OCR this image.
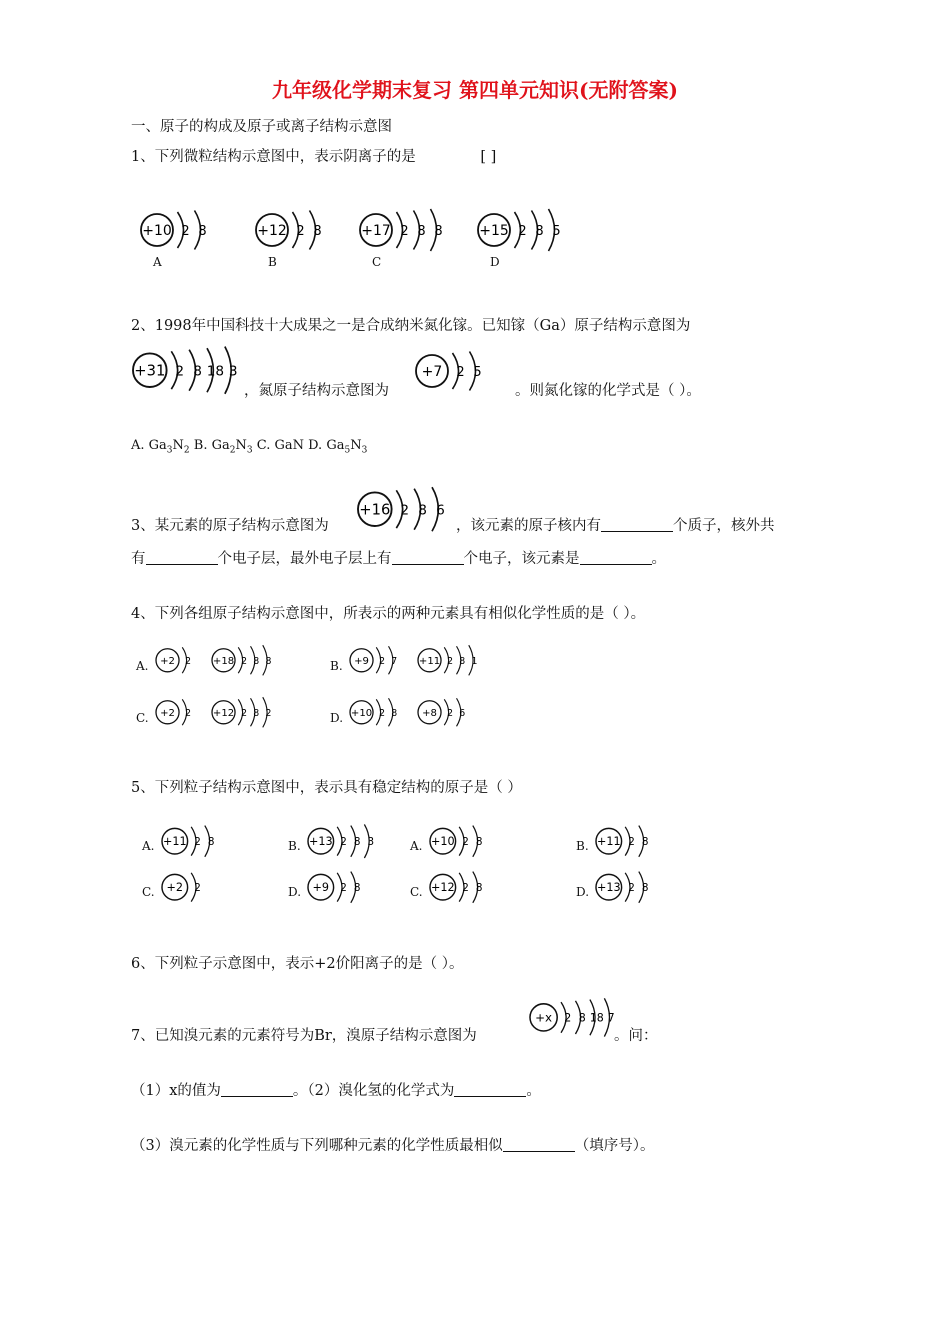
九年级化学期末复习 第四单元知识(无附答案)
一、原子的构成及原子或离子结构示意图
1、下列微粒结构示意图中，表示阴离子的是	[ ]
+10 2 8
A
+12 2 8
B
+17 2 8 8
C
+15 2 8 5
D
2、1998年中国科技十大成果之一是合成纳米氮化镓。已知镓（Ga）原子结构示意图为
+31 2 8 18 3
，氮原子结构示意图为
+7 2 5
。则氮化镓的化学式是（ ）。
A. $Ga_3N_2$ B. $Ga_2N_3$ C. GaN D. $Ga_5N_3$
3、某元素的原子结构示意图为
+16 2 8 6
，该元素的原子核内有	个质子，核外共
有	个电子层，最外电子层上有	个电子，该元素是	。
4、下列各组原子结构示意图中，所表示的两种元素具有相似化学性质的是（ ）。
A. +2 2 +18 2 8 8	B. +9 2 7 +11 2 8 1
C. +2 2 +12 2 8 2	D. +10 2 8 +8 2 6
5、下列粒子结构示意图中，表示具有稳定结构的原子是（ ）
A. +11 2 8	B. +13 2 8 3	A. +10 2 8	B. +11 2 8
C. +2 2	D. +9 2 8	C. +12 2 8	D. +13 2 8
6、下列粒子示意图中，表示+2价阳离子的是（ ）。
7、已知溴元素的元素符号为Br，溴原子结构示意图为
+x 2 8 18 7
。问：
（1）x的值为	。（2）溴化氢的化学式为	。
（3）溴元素的化学性质与下列哪种元素的化学性质最相似	（填序号）。
